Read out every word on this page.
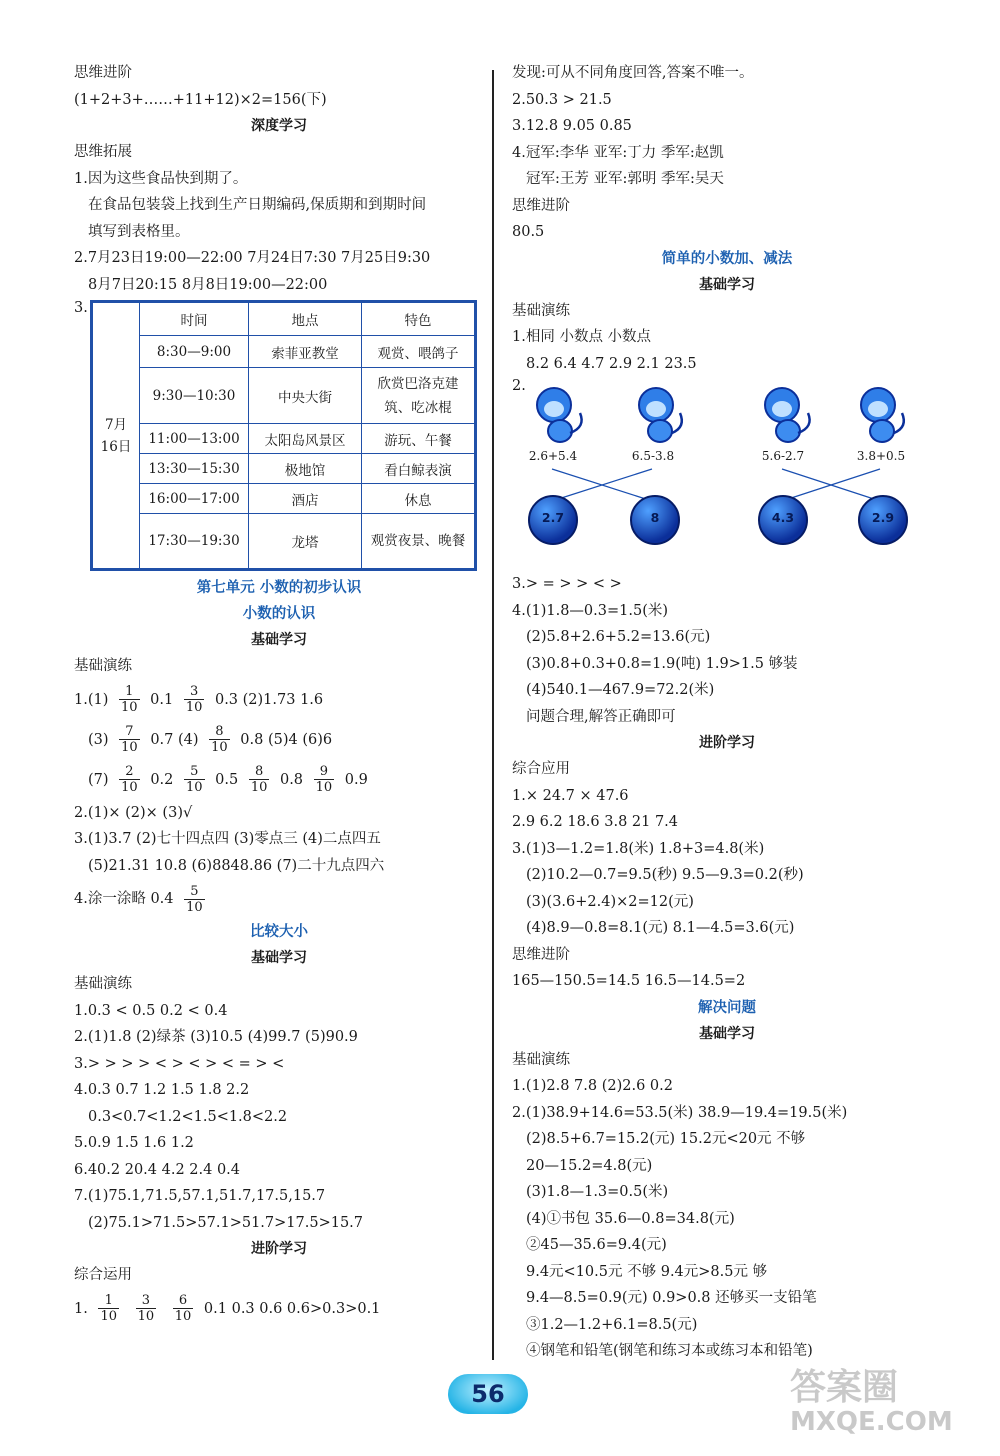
思维进阶
(1+2+3+……+11+12)×2=156(下)
深度学习
思维拓展
1.因为这些食品快到期了。
在食品包装袋上找到生产日期编码,保质期和到期时间
填写到表格里。
2.7月23日19:00—22:00 7月24日7:30 7月25日9:30
8月7日20:15 8月8日19:00—22:00
3.
7月
16日	时间	地点	特色
	8:30—9:00	索菲亚教堂	观赏、喂鸽子
	9:30—10:30	中央大街	欣赏巴洛克建筑、吃冰棍
	11:00—13:00	太阳岛风景区	游玩、午餐
	13:30—15:30	极地馆	看白鲸表演
	16:00—17:00	酒店	休息
	17:30—19:30	龙塔	观赏夜景、晚餐
第七单元 小数的初步认识
小数的认识
基础学习
基础演练
$1.(1) \frac{1}{10} 0.1 \frac{3}{10} 0.3$ (2)1.73 1.6
$(3) \frac{7}{10} 0.7$ $(4) \frac{8}{10} 0.8$ (5)4 (6)6
$(7) \frac{2}{10} 0.2 \frac{5}{10} 0.5 \frac{8}{10} 0.8 \frac{9}{10} 0.9$
2.(1)× (2)× (3)√
3.(1)3.7 (2)七十四点四 (3)零点三 (4)二点四五
(5)21.31 10.8 (6)8848.86 (7)二十九点四六
4.涂一涂略 $0.4 \frac{5}{10}$
比较大小
基础学习
基础演练
1.0.3 < 0.5 0.2 < 0.4
2.(1)1.8 (2)绿茶 (3)10.5 (4)99.7 (5)90.9
3.> > > > < > < > < = > <
4.0.3 0.7 1.2 1.5 1.8 2.2
0.3<0.7<1.2<1.5<1.8<2.2
5.0.9 1.5 1.6 1.2
6.40.2 20.4 4.2 2.4 0.4
7.(1)75.1,71.5,57.1,51.7,17.5,15.7
(2)75.1>71.5>57.1>51.7>17.5>15.7
进阶学习
综合运用
1. $\frac{1}{10}$
$\frac{3}{10}$
$\frac{6}{10} 0.1$ 0.3 0.6 0.6>0.3>0.1
发现:可从不同角度回答,答案不唯一。
2.50.3 > 21.5
3.12.8 9.05 0.85
4.冠军:李华 亚军:丁力 季军:赵凯
冠军:王芳 亚军:郭明 季军:吴天
思维进阶
80.5
简单的小数加、减法
基础学习
基础演练
1.相同 小数点 小数点
8.2 6.4 4.7 2.9 2.1 23.5
2.
2.6+5.4	6.5-3.8	5.6-2.7	3.8+0.5
2.7	8	4.3	2.9
3.> = > > < >
4.(1)1.8—0.3=1.5(米)
(2)5.8+2.6+5.2=13.6(元)
(3)0.8+0.3+0.8=1.9(吨) 1.9>1.5 够装
(4)540.1—467.9=72.2(米)
问题合理,解答正确即可
进阶学习
综合应用
1.× 24.7 × 47.6
2.9 6.2 18.6 3.8 21 7.4
3.(1)3—1.2=1.8(米) 1.8+3=4.8(米)
(2)10.2—0.7=9.5(秒) 9.5—9.3=0.2(秒)
(3)(3.6+2.4)×2=12(元)
(4)8.9—0.8=8.1(元) 8.1—4.5=3.6(元)
思维进阶
165—150.5=14.5 16.5—14.5=2
解决问题
基础学习
基础演练
1.(1)2.8 7.8 (2)2.6 0.2
2.(1)38.9+14.6=53.5(米) 38.9—19.4=19.5(米)
(2)8.5+6.7=15.2(元) 15.2元<20元 不够
20—15.2=4.8(元)
(3)1.8—1.3=0.5(米)
(4)①书包 35.6—0.8=34.8(元)
②45—35.6=9.4(元)
9.4元<10.5元 不够 9.4元>8.5元 够
9.4—8.5=0.9(元) 0.9>0.8 还够买一支铅笔
③1.2—1.2+6.1=8.5(元)
④钢笔和铅笔(钢笔和练习本或练习本和铅笔)
56	答案圈
MXQE.COM
